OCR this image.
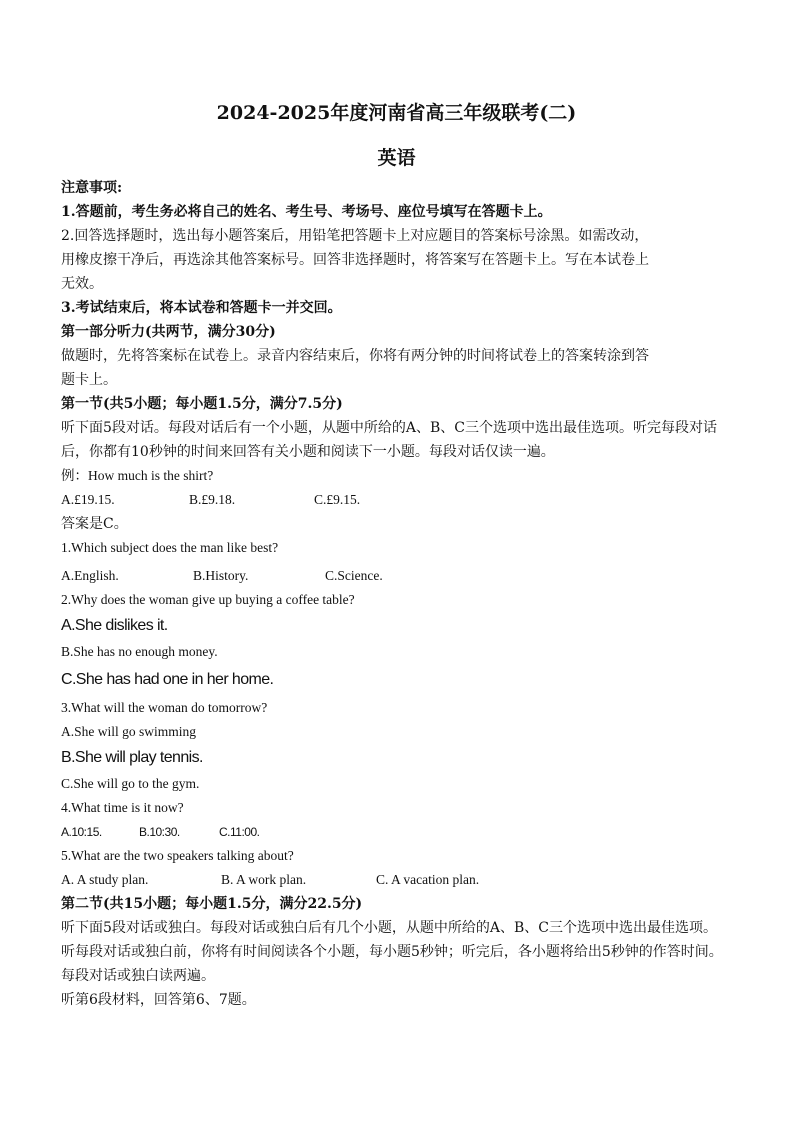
2024-2025年度河南省高三年级联考(二)
英语
注意事项:
1.答题前，考生务必将自己的姓名、考生号、考场号、座位号填写在答题卡上。
2.回答选择题时，选出每小题答案后，用铅笔把答题卡上对应题目的答案标号涂黑。如需改动，
用橡皮擦干净后，再选涂其他答案标号。回答非选择题时，将答案写在答题卡上。写在本试卷上
无效。
3.考试结束后，将本试卷和答题卡一并交回。
第一部分听力(共两节，满分30分)
做题时，先将答案标在试卷上。录音内容结束后，你将有两分钟的时间将试卷上的答案转涂到答
题卡上。
第一节(共5小题；每小题1.5分，满分7.5分)
听下面5段对话。每段对话后有一个小题，从题中所给的A、B、C三个选项中选出最佳选项。听完每段对话
后，你都有10秒钟的时间来回答有关小题和阅读下一小题。每段对话仅读一遍。
例：How much is the shirt?
A.£19.15.	B.£9.18.	C.£9.15.
答案是C。
1.Which subject does the man like best?
A.English.	B.History.	C.Science.
2.Why does the woman give up buying a coffee table?
A.She dislikes it.
B.She has no enough money.
C.She has had one in her home.
3.What will the woman do tomorrow?
A.She will go swimming
B.She will play tennis.
C.She will go to the gym.
4.What time is it now?
A.10:15.	B.10:30.	C.11:00.
5.What are the two speakers talking about?
A. A study plan.	B. A work plan.	C. A vacation plan.
第二节(共15小题；每小题1.5分，满分22.5分)
听下面5段对话或独白。每段对话或独白后有几个小题，从题中所给的A、B、C三个选项中选出最佳选项。
听每段对话或独白前，你将有时间阅读各个小题，每小题5秒钟；听完后，各小题将给出5秒钟的作答时间。
每段对话或独白读两遍。
听第6段材料，回答第6、7题。
